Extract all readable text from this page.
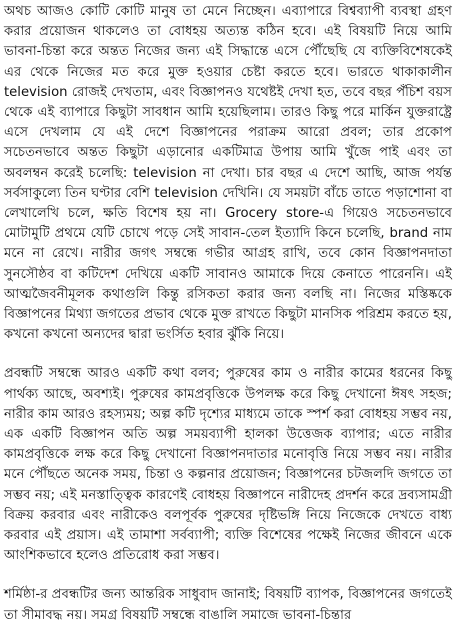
অথচ আজও কোটি কোটি মানুষ তা মেনে নিচ্ছেন। এব্যাপারে বিশ্বব্যাপী ব্যবস্থা গ্রহণ করার প্রয়োজন থাকলেও তা বোধহয় অত্যন্ত কঠিন হবে। এই বিষয়টি নিয়ে আমি ভাবনা-চিন্তা করে অন্তত নিজের জন্য এই সিদ্ধান্তে এসে পৌঁছেছি যে ব্যক্তিবিশেষকেই এর থেকে নিজের মত করে মুক্ত হওয়ার চেষ্টা করতে হবে। ভারতে থাকাকালীন television রোজই দেখতাম, এবং বিজ্ঞাপনও যথেষ্টই দেখা হত, তবে বছর পঁচিশ বয়স থেকে এই ব্যাপারে কিছুটা সাবধান আমি হয়েছিলাম। তারও কিছু পরে মার্কিন যুক্তরাষ্ট্রে এসে দেখলাম যে এই দেশে বিজ্ঞাপনের পরাক্রম আরো প্রবল; তার প্রকোপ সচেতনভাবে অন্তত কিছুটা এড়ানোর একটিমাত্র উপায় আমি খুঁজে পাই এবং তা অবলম্বন করেই চলেছি: television না দেখা। চার বছর এ দেশে আছি, আজ পর্যন্ত সর্বসাকুল্যে তিন ঘণ্টার বেশি television দেখিনি। যে সময়টা বাঁচে তাতে পড়াশোনা বা লেখালেখি চলে, ক্ষতি বিশেষ হয় না। Grocery store-এ গিয়েও সচেতনভাবে মোটামুটি প্রথমে যেটি চোখে পড়ে সেই সাবান-তেল ইত্যাদি কিনে চলেছি, brand নাম মনে না রেখে। নারীর জগৎ সম্বন্ধে গভীর আগ্রহ রাখি, তবে কোন বিজ্ঞাপনদাতা সুনসৌষ্ঠব বা কটিদেশ দেখিয়ে একটি সাবানও আমাকে দিয়ে কেনাতে পারেননি। এই আত্মজৈবনীমূলক কথাগুলি কিন্তু রসিকতা করার জন্য বলছি না। নিজের মস্তিষ্ককে বিজ্ঞাপনের মিথ্যা জগতের প্রভাব থেকে মুক্ত রাখতে কিছুটা মানসিক পরিশ্রম করতে হয়, কখনো কখনো অন্যদের দ্বারা ভংর্সিত হবার ঝুঁকি নিয়ে।

প্রবন্ধটি সম্বন্ধে আরও একটি কথা বলব; পুরুষের কাম ও নারীর কামের ধরনের কিছু পার্থক্য আছে, অবশ্যই। পুরুষের কামপ্রবৃত্তিকে উপলক্ষ করে কিছু দেখানো ঈষৎ সহজ; নারীর কাম আরও রহস্যময়; অল্প কটি দৃশ্যের মাধ্যমে তাকে স্পর্শ করা বোধহয় সম্ভব নয়, এক একটি বিজ্ঞাপন অতি অল্প সময়ব্যাপী হালকা উত্তেজক ব্যাপার; এতে নারীর কামপ্রবৃত্তিকে লক্ষ করে কিছু দেখানো বিজ্ঞাপনদাতার মনোবৃত্তি নিয়ে সম্ভব নয়। নারীর মনে পৌঁছতে অনেক সময়, চিন্তা ও কল্পনার প্রয়োজন; বিজ্ঞাপনের চটজলদি জগতে তা সম্ভব নয়; এই মনস্তাত্ত্বিক কারণেই বোধহয় বিজ্ঞাপনে নারীদেহ প্রদর্শন করে দ্রব্যসামগ্রী বিক্রয় করবার এবং নারীকেও বলপূর্বক পুরুষের দৃষ্টিভঙ্গি নিয়ে নিজেকে দেখতে বাধ্য করবার এই প্রয়াস। এই তামাশা সর্বব্যাপী; ব্যক্তি বিশেষের পক্ষেই নিজের জীবনে একে আংশিকভাবে হলেও প্রতিরোধ করা সম্ভব।

শর্মিষ্ঠা-র প্রবন্ধটির জন্য আন্তরিক সাধুবাদ জানাই; বিষয়টি ব্যাপক, বিজ্ঞাপনের জগতেই তা সীমাবদ্ধ নয়। সমগ্র বিষয়টি সম্বন্ধে বাঙালি সমাজে ভাবনা-চিন্তার
